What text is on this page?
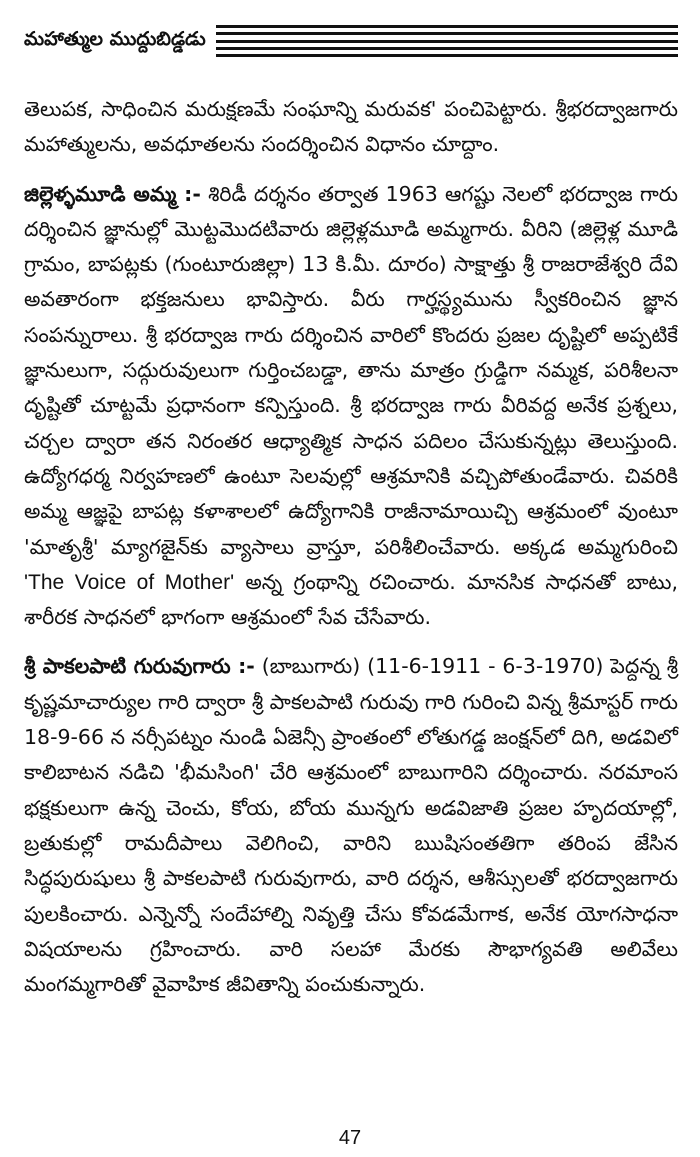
మహాత్ముల ముద్దుబిడ్డడు

తెలుపక, సాధించిన మరుక్షణమే సంఘాన్ని మరువక' పంచిపెట్టారు. శ్రీభరద్వాజగారు మహాత్ములను, అవధూతలను సందర్శించిన విధానం చూద్దాం.

జిల్లెళ్ళమూడి అమ్మ :- శిరిడీ దర్శనం తర్వాత 1963 ఆగష్టు నెలలో భరద్వాజ గారు దర్శించిన జ్ఞానుల్లో మొట్టమొదటివారు జిల్లెళ్లమూడి అమ్మగారు. వీరిని (జిల్లెళ్ల మూడి గ్రామం, బాపట్లకు (గుంటూరుజిల్లా) 13 కి.మీ. దూరం) సాక్షాత్తు శ్రీ రాజరాజేశ్వరి దేవి అవతారంగా భక్తజనులు భావిస్తారు. వీరు గార్హస్థ్యమును స్వీకరించిన జ్ఞాన సంపన్నురాలు. శ్రీ భరద్వాజ గారు దర్శించిన వారిలో కొందరు ప్రజల దృష్టిలో అప్పటికే జ్ఞానులుగా, సద్గురువులుగా గుర్తించబడ్డా, తాను మాత్రం గ్రుడ్డిగా నమ్మక, పరిశీలనా దృష్టితో చూట్టమే ప్రధానంగా కన్పిస్తుంది. శ్రీ భరద్వాజ గారు వీరివద్ద అనేక ప్రశ్నలు, చర్చల ద్వారా తన నిరంతర ఆధ్యాత్మిక సాధన పదిలం చేసుకున్నట్లు తెలుస్తుంది. ఉద్యోగధర్మ నిర్వహణలో ఉంటూ సెలవుల్లో ఆశ్రమానికి వచ్చిపోతుండేవారు. చివరికి అమ్మ ఆజ్ఞపై బాపట్ల కళాశాలలో ఉద్యోగానికి రాజీనామాయిచ్చి ఆశ్రమంలో వుంటూ 'మాతృశ్రీ' మ్యాగజైన్‌కు వ్యాసాలు వ్రాస్తూ, పరిశీలించేవారు. అక్కడ అమ్మగురించి 'The Voice of Mother' అన్న గ్రంథాన్ని రచించారు. మానసిక సాధనతో బాటు, శారీరక సాధనలో భాగంగా ఆశ్రమంలో సేవ చేసేవారు.

శ్రీ పాకలపాటి గురువుగారు :- (బాబుగారు) (11-6-1911 - 6-3-1970) పెద్దన్న శ్రీ కృష్ణమాచార్యుల గారి ద్వారా శ్రీ పాకలపాటి గురువు గారి గురించి విన్న శ్రీమాస్టర్ గారు 18-9-66 న నర్సీపట్నం నుండి ఏజెన్సీ ప్రాంతంలో లోతుగడ్డ జంక్షన్‌లో దిగి, అడవిలో కాలిబాటన నడిచి 'భీమసింగి' చేరి ఆశ్రమంలో బాబుగారిని దర్శించారు. నరమాంస భక్షకులుగా ఉన్న చెంచు, కోయ, బోయ మున్నగు అడవిజాతి ప్రజల హృదయాల్లో, బ్రతుకుల్లో రామదీపాలు వెలిగించి, వారిని ఋషిసంతతిగా తరింప జేసిన సిద్ధపురుషులు శ్రీ పాకలపాటి గురువుగారు, వారి దర్శన, ఆశీస్సులతో భరద్వాజగారు పులకించారు. ఎన్నెన్నో సందేహాల్ని నివృత్తి చేసు కోవడమేగాక, అనేక యోగసాధనా విషయాలను గ్రహించారు. వారి సలహా మేరకు సౌభాగ్యవతి అలివేలు మంగమ్మగారితో వైవాహిక జీవితాన్ని పంచుకున్నారు.

47
